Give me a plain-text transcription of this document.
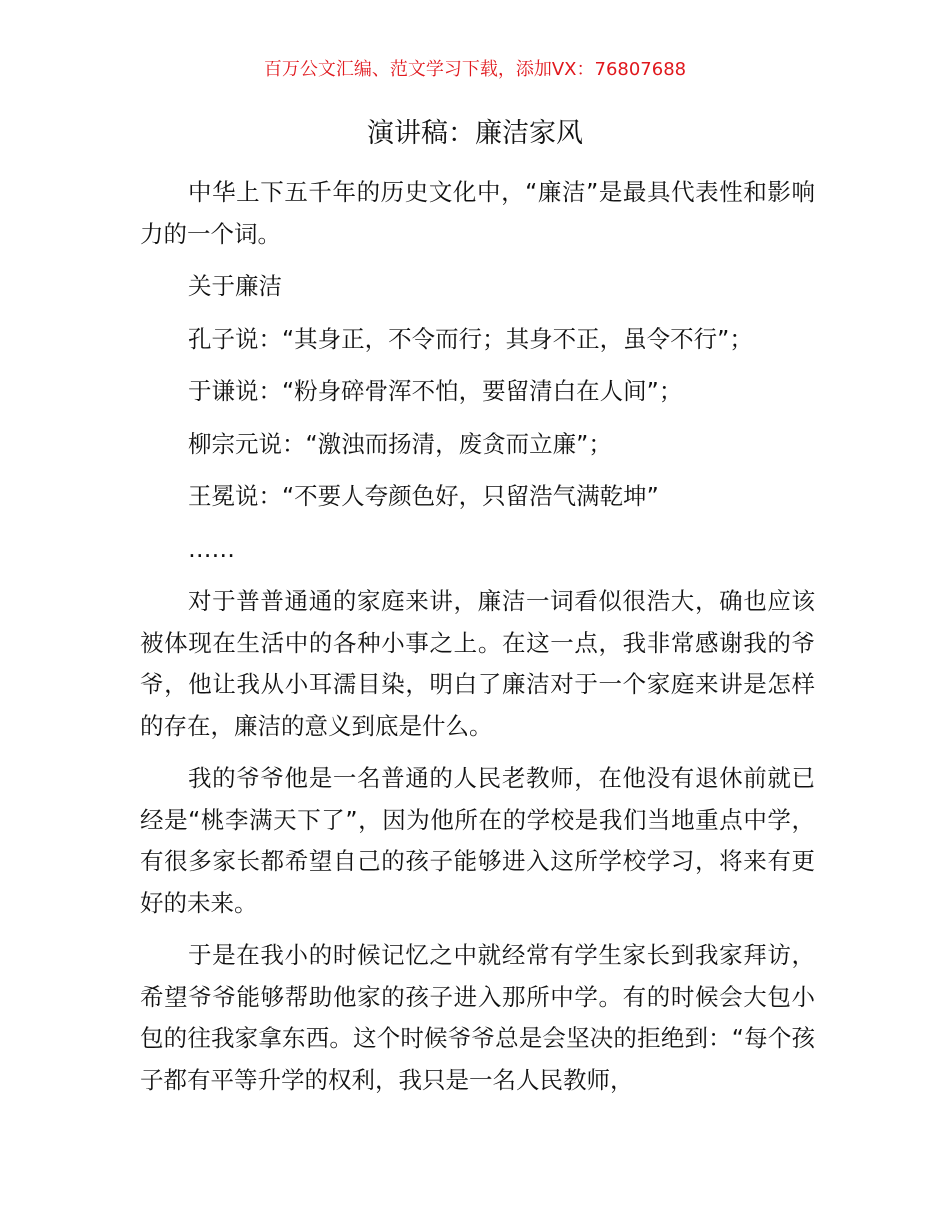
百万公文汇编、范文学习下载，添加VX：76807688
演讲稿：廉洁家风

中华上下五千年的历史文化中，“廉洁”是最具代表性和影响力的一个词。

关于廉洁

孔子说：“其身正，不令而行；其身不正，虽令不行”；

于谦说：“粉身碎骨浑不怕，要留清白在人间”；

柳宗元说：“激浊而扬清，废贪而立廉”；

王冕说：“不要人夸颜色好，只留浩气满乾坤”

……

对于普普通通的家庭来讲，廉洁一词看似很浩大，确也应该被体现在生活中的各种小事之上。在这一点，我非常感谢我的爷爷，他让我从小耳濡目染，明白了廉洁对于一个家庭来讲是怎样的存在，廉洁的意义到底是什么。

我的爷爷他是一名普通的人民老教师，在他没有退休前就已经是“桃李满天下了”，因为他所在的学校是我们当地重点中学，有很多家长都希望自己的孩子能够进入这所学校学习，将来有更好的未来。

于是在我小的时候记忆之中就经常有学生家长到我家拜访，希望爷爷能够帮助他家的孩子进入那所中学。有的时候会大包小包的往我家拿东西。这个时候爷爷总是会坚决的拒绝到：“每个孩子都有平等升学的权利，我只是一名人民教师，
